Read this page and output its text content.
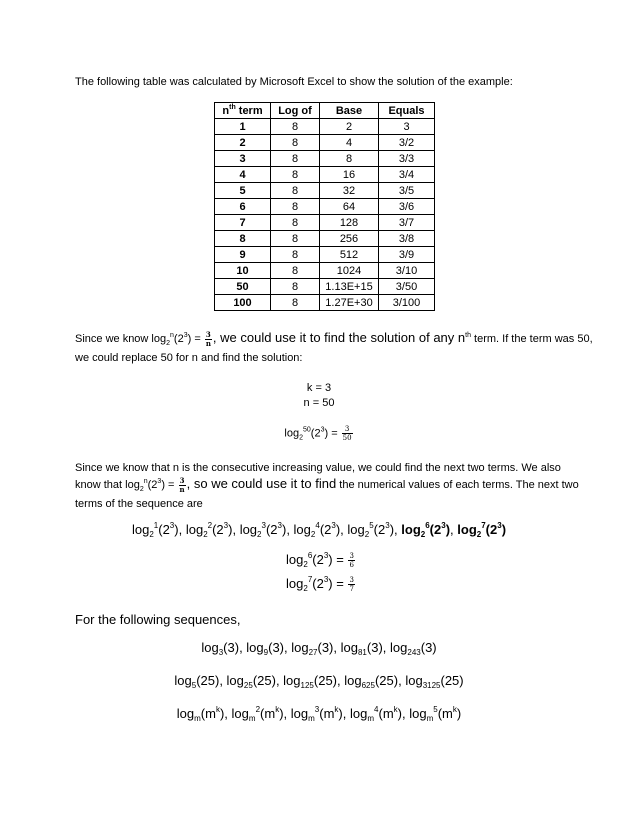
The following table was calculated by Microsoft Excel to show the solution of the example:
$n^{th}$ term	Log of	Base	Equals
1	8	2	3
2	8	4	3/2
3	8	8	3/3
4	8	16	3/4
5	8	32	3/5
6	8	64	3/6
7	8	128	3/7
8	8	256	3/8
9	8	512	3/9
10	8	1024	3/10
50	8	1.13E+15	3/50
100	8	1.27E+30	3/100
Since we know $\log_2^n(2^3) = \frac{3}{n}$ , we could use it to find the solution of any $n^{th}$ term. If the term was 50,
we could replace 50 for n and find the solution:
k = 3
n = 50
$\log_2^{50}(2^3) = \frac{3}{50}$
Since we know that n is the consecutive increasing value, we could find the next two terms. We also
know that $\log_2^n(2^3) = \frac{3}{n}$ , so we could use it to find the numerical values of each terms. The next two
terms of the sequence are
$\log_2^1(2^3)$, $\log_2^2(2^3)$, $\log_2^3(2^3)$, $\log_2^4(2^3)$, $\log_2^5(2^3)$, $\log_2^6(2^3)$, $\log_2^7(2^3)$
$\log_2^6(2^3) = \frac{3}{6}$
$\log_2^7(2^3) = \frac{3}{7}$
For the following sequences,
$\log_3(3)$, $\log_9(3)$, $\log_{27}(3)$, $\log_{81}(3)$, $\log_{243}(3)$
$\log_5(25)$, $\log_{25}(25)$, $\log_{125}(25)$, $\log_{625}(25)$, $\log_{3125}(25)$
$\log_m(m^k)$, $\log_m^2(m^k)$, $\log_m^3(m^k)$, $\log_m^4(m^k)$, $\log_m^5(m^k)$
